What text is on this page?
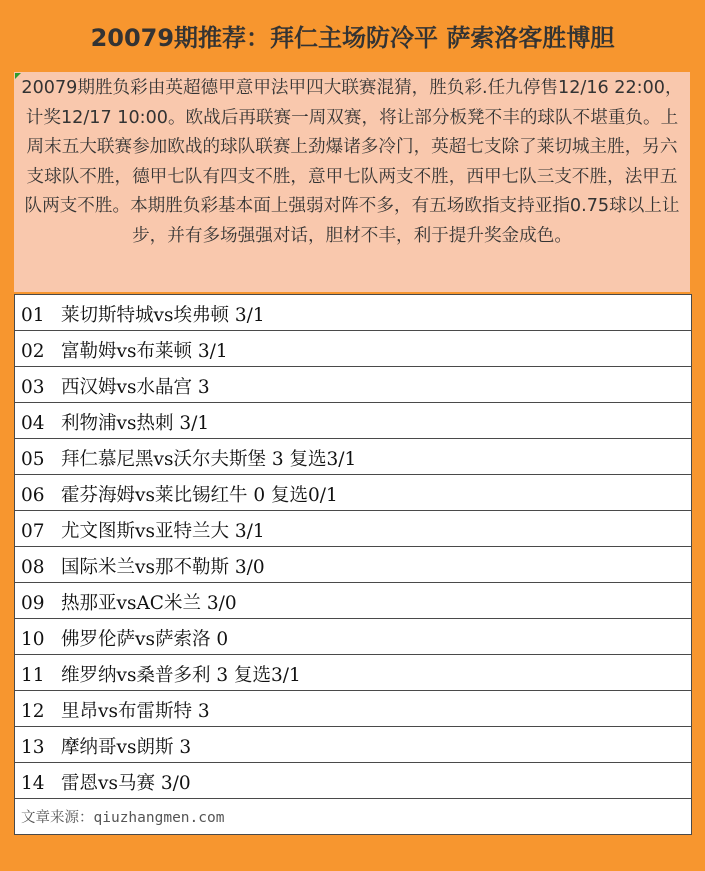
20079期推荐：拜仁主场防冷平 萨索洛客胜博胆
20079期胜负彩由英超德甲意甲法甲四大联赛混猜，胜负彩.任九停售12/16 22:00，计奖12/17 10:00。欧战后再联赛一周双赛，将让部分板凳不丰的球队不堪重负。上周末五大联赛参加欧战的球队联赛上劲爆诸多冷门，英超七支除了莱切城主胜，另六支球队不胜，德甲七队有四支不胜，意甲七队两支不胜，西甲七队三支不胜，法甲五队两支不胜。本期胜负彩基本面上强弱对阵不多，有五场欧指支持亚指0.75球以上让步，并有多场强强对话，胆材不丰，利于提升奖金成色。
01 莱切斯特城vs埃弗顿 3/1
02 富勒姆vs布莱顿 3/1
03 西汉姆vs水晶宫 3
04 利物浦vs热刺 3/1
05 拜仁慕尼黑vs沃尔夫斯堡 3 复选3/1
06 霍芬海姆vs莱比锡红牛 0 复选0/1
07 尤文图斯vs亚特兰大 3/1
08 国际米兰vs那不勒斯 3/0
09 热那亚vsAC米兰 3/0
10 佛罗伦萨vs萨索洛 0
11 维罗纳vs桑普多利 3 复选3/1
12 里昂vs布雷斯特 3
13 摩纳哥vs朗斯 3
14 雷恩vs马赛 3/0
文章来源：qiuzhangmen.com
